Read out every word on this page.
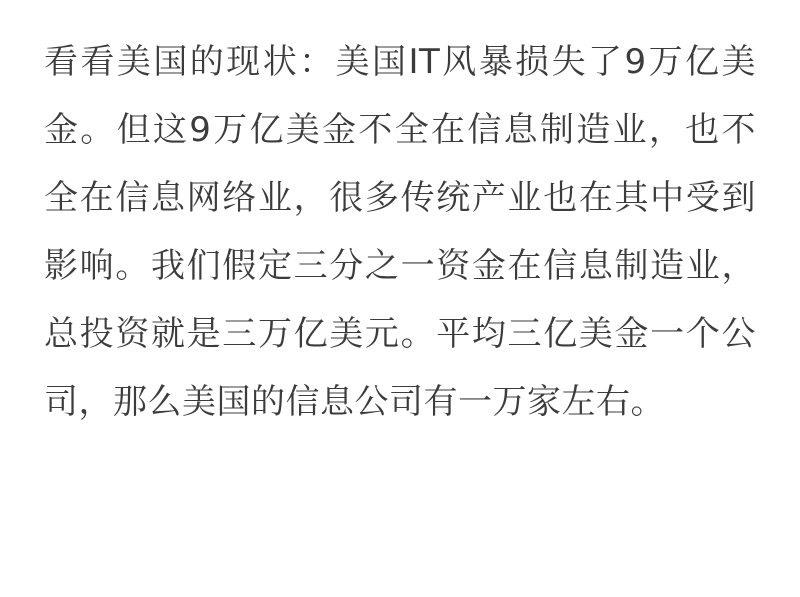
看看美国的现状：美国IT风暴损失了9万亿美金。但这9万亿美金不全在信息制造业，也不全在信息网络业，很多传统产业也在其中受到影响。我们假定三分之一资金在信息制造业，总投资就是三万亿美元。平均三亿美金一个公司，那么美国的信息公司有一万家左右。
